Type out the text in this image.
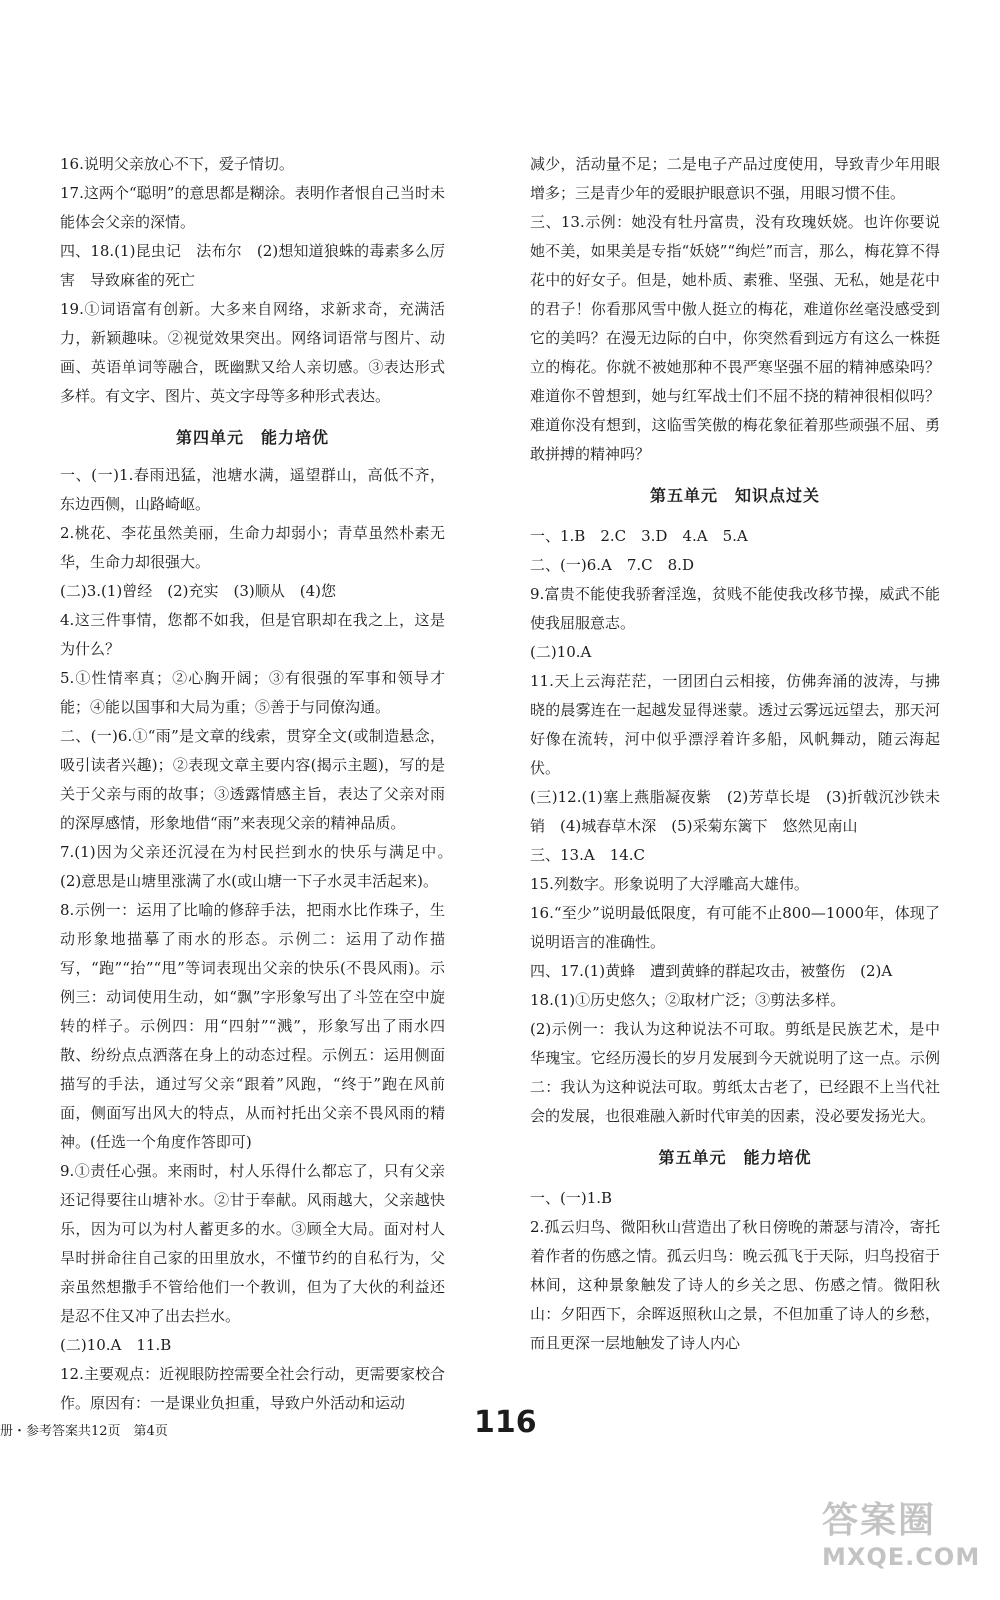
16.说明父亲放心不下，爱子情切。
17.这两个“聪明”的意思都是糊涂。表明作者恨自己当时未能体会父亲的深情。
四、18.(1)昆虫记　法布尔　(2)想知道狼蛛的毒素多么厉害　导致麻雀的死亡
19.①词语富有创新。大多来自网络，求新求奇，充满活力，新颖趣味。②视觉效果突出。网络词语常与图片、动画、英语单词等融合，既幽默又给人亲切感。③表达形式多样。有文字、图片、英文字母等多种形式表达。
第四单元　能力培优
一、(一)1.春雨迅猛，池塘水满，遥望群山，高低不齐，东边西侧，山路崎岖。
2.桃花、李花虽然美丽，生命力却弱小；青草虽然朴素无华，生命力却很强大。
(二)3.(1)曾经　(2)充实　(3)顺从　(4)您
4.这三件事情，您都不如我，但是官职却在我之上，这是为什么？
5.①性情率真；②心胸开阔；③有很强的军事和领导才能；④能以国事和大局为重；⑤善于与同僚沟通。
二、(一)6.①“雨”是文章的线索，贯穿全文(或制造悬念，吸引读者兴趣)；②表现文章主要内容(揭示主题)，写的是关于父亲与雨的故事；③透露情感主旨，表达了父亲对雨的深厚感情，形象地借“雨”来表现父亲的精神品质。
7.(1)因为父亲还沉浸在为村民拦到水的快乐与满足中。　(2)意思是山塘里涨满了水(或山塘一下子水灵丰活起来)。
8.示例一：运用了比喻的修辞手法，把雨水比作珠子，生动形象地描摹了雨水的形态。示例二：运用了动作描写，“跑”“抬”“甩”等词表现出父亲的快乐(不畏风雨)。示例三：动词使用生动，如“飘”字形象写出了斗笠在空中旋转的样子。示例四：用“四射”“溅”，形象写出了雨水四散、纷纷点点洒落在身上的动态过程。示例五：运用侧面描写的手法，通过写父亲“跟着”风跑，“终于”跑在风前面，侧面写出风大的特点，从而衬托出父亲不畏风雨的精神。(任选一个角度作答即可)
9.①责任心强。来雨时，村人乐得什么都忘了，只有父亲还记得要往山塘补水。②甘于奉献。风雨越大，父亲越快乐，因为可以为村人蓄更多的水。③顾全大局。面对村人旱时拼命往自己家的田里放水，不懂节约的自私行为，父亲虽然想撒手不管给他们一个教训，但为了大伙的利益还是忍不住又冲了出去拦水。
(二)10.A　11.B
12.主要观点：近视眼防控需要全社会行动，更需要家校合作。原因有：一是课业负担重，导致户外活动和运动
减少，活动量不足；二是电子产品过度使用，导致青少年用眼增多；三是青少年的爱眼护眼意识不强，用眼习惯不佳。
三、13.示例：她没有牡丹富贵，没有玫瑰妖娆。也许你要说她不美，如果美是专指“妖娆”“绚烂”而言，那么，梅花算不得花中的好女子。但是，她朴质、素雅、坚强、无私，她是花中的君子！你看那风雪中傲人挺立的梅花，难道你丝毫没感受到它的美吗？在漫无边际的白中，你突然看到远方有这么一株挺立的梅花。你就不被她那种不畏严寒坚强不屈的精神感染吗？难道你不曾想到，她与红军战士们不屈不挠的精神很相似吗？难道你没有想到，这临雪笑傲的梅花象征着那些顽强不屈、勇敢拼搏的精神吗？
第五单元　知识点过关
一、1.B　2.C　3.D　4.A　5.A
二、(一)6.A　7.C　8.D
9.富贵不能使我骄奢淫逸，贫贱不能使我改移节操，威武不能使我屈服意志。
(二)10.A
11.天上云海茫茫，一团团白云相接，仿佛奔涌的波涛，与拂晓的晨雾连在一起越发显得迷蒙。透过云雾远远望去，那天河好像在流转，河中似乎漂浮着许多船，风帆舞动，随云海起伏。
(三)12.(1)塞上燕脂凝夜紫　(2)芳草长堤　(3)折戟沉沙铁未销　(4)城春草木深　(5)采菊东篱下　悠然见南山
三、13.A　14.C
15.列数字。形象说明了大浮雕高大雄伟。
16.“至少”说明最低限度，有可能不止800—1000年，体现了说明语言的准确性。
四、17.(1)黄蜂　遭到黄蜂的群起攻击，被螫伤　(2)A
18.(1)①历史悠久；②取材广泛；③剪法多样。
(2)示例一：我认为这种说法不可取。剪纸是民族艺术，是中华瑰宝。它经历漫长的岁月发展到今天就说明了这一点。示例二：我认为这种说法可取。剪纸太古老了，已经跟不上当代社会的发展，也很难融入新时代审美的因素，没必要发扬光大。
第五单元　能力培优
一、(一)1.B
2.孤云归鸟、微阳秋山营造出了秋日傍晚的萧瑟与清冷，寄托着作者的伤感之情。孤云归鸟：晚云孤飞于天际，归鸟投宿于林间，这种景象触发了诗人的乡关之思、伤感之情。微阳秋山：夕阳西下，余晖返照秋山之景，不但加重了诗人的乡愁，而且更深一层地触发了诗人内心
册・参考答案共12页　第4页	116
答案圈
MXQE.COM
